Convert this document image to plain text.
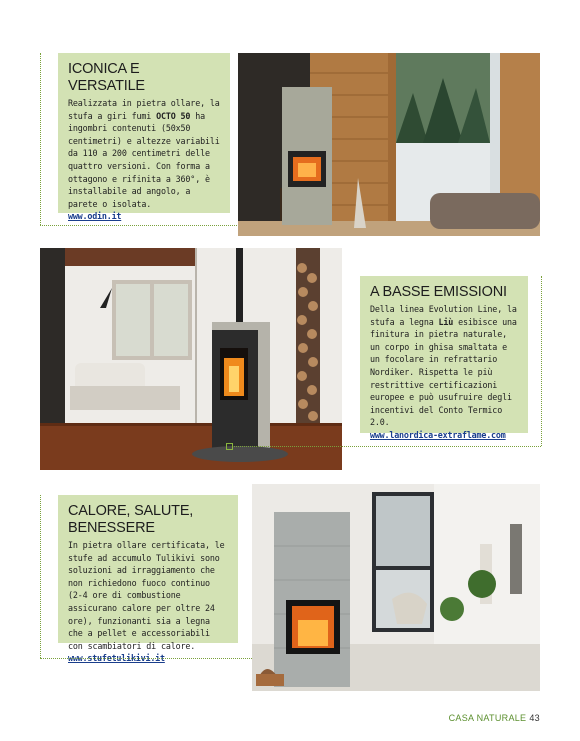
ICONICA E VERSATILE

Realizzata in pietra ollare, la stufa a giri fumi OCTO 50 ha ingombri contenuti (50x50 centimetri) e altezze variabili da 110 a 200 centimetri delle quattro versioni. Con forma a ottagono e rifinita a 360°, è installabile ad angolo, a parete o isolata.

www.odin.it
A BASSE EMISSIONI

Della linea Evolution Line, la stufa a legna Liù esibisce una finitura in pietra naturale, un corpo in ghisa smaltata e un focolare in refrattario Nordiker. Rispetta le più restrittive certificazioni europee e può usufruire degli incentivi del Conto Termico 2.0.

www.lanordica-extraflame.com
CALORE, SALUTE, BENESSERE

In pietra ollare certificata, le stufe ad accumulo Tulikivi sono soluzioni ad irraggiamento che non richiedono fuoco continuo (2-4 ore di combustione assicurano calore per oltre 24 ore), funzionanti sia a legna che a pellet e accessoriabili con scambiatori di calore.

www.stufetulikivi.it
CASA NATURALE 43
